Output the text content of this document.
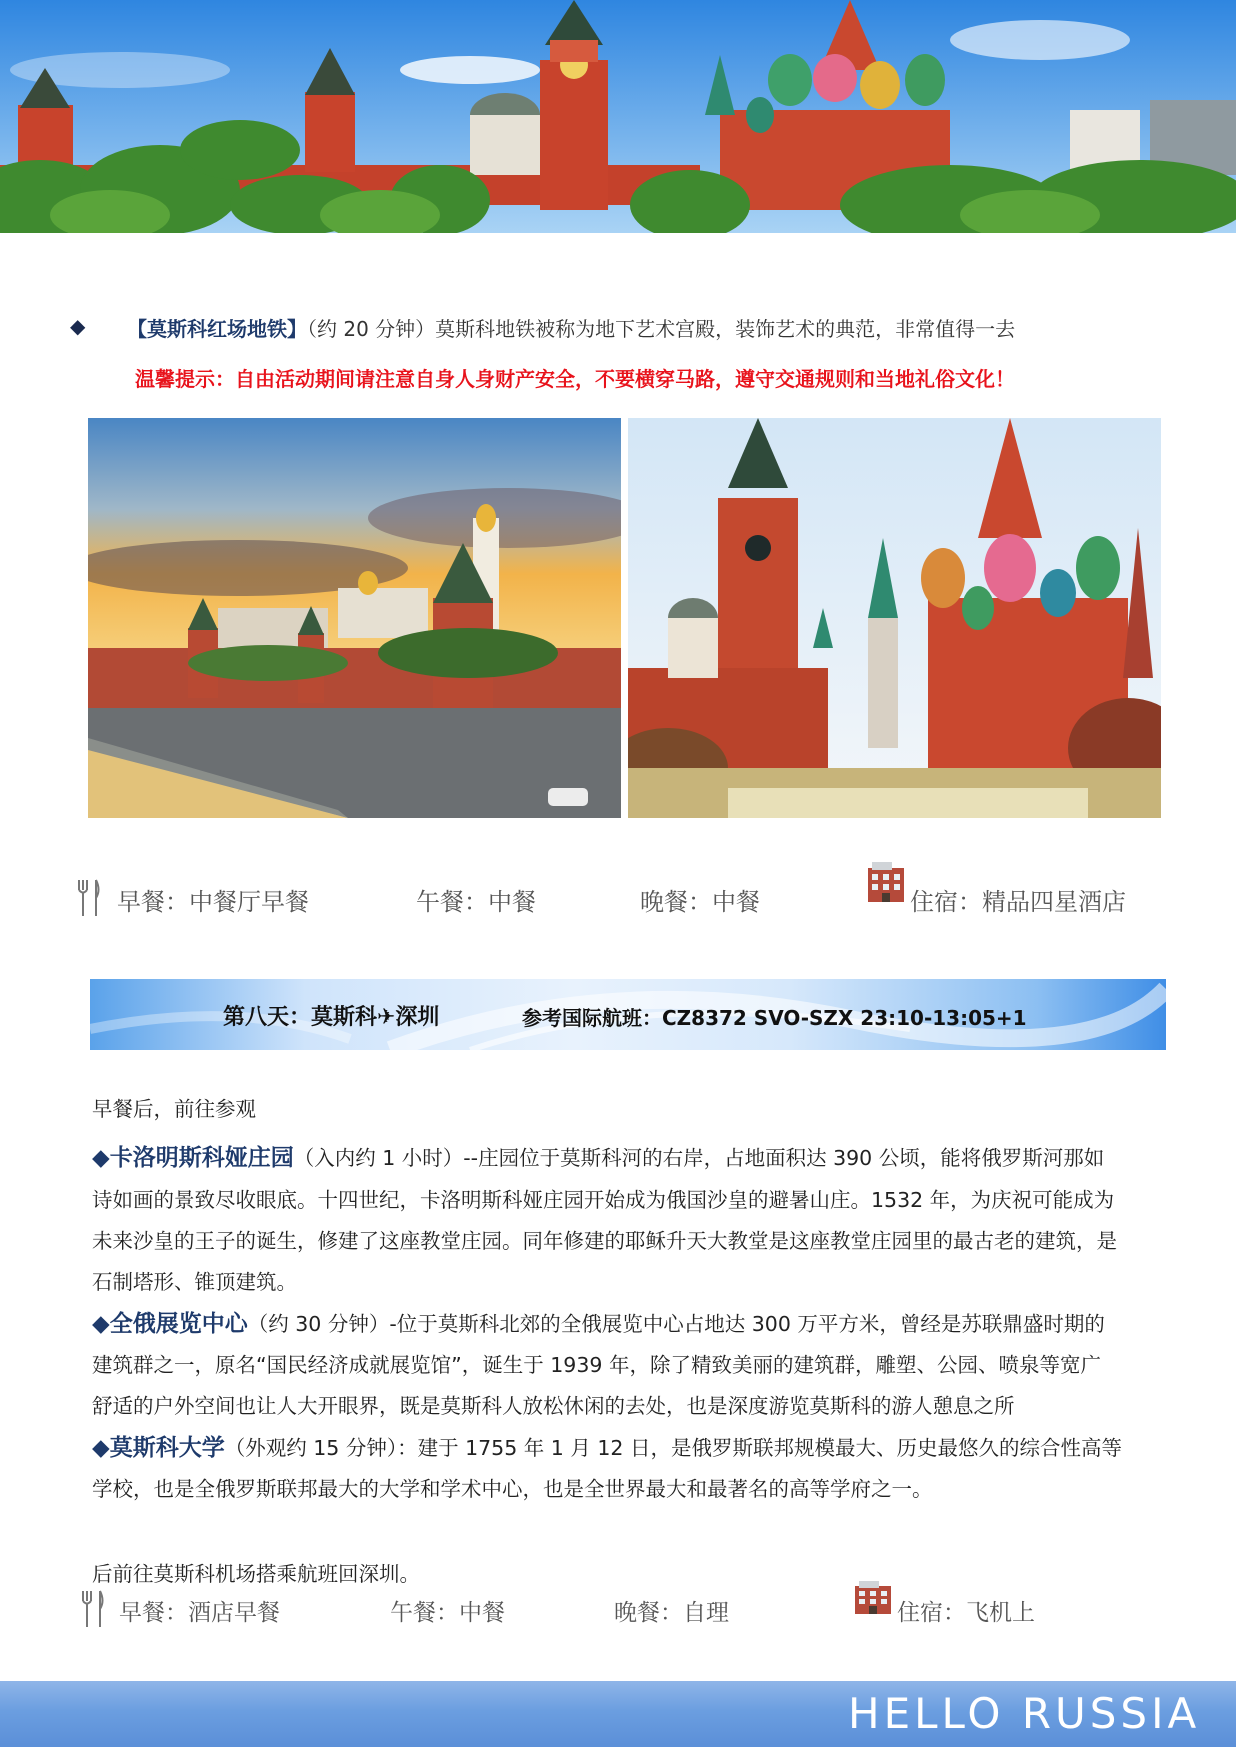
◆ 【莫斯科红场地铁】（约 20 分钟）莫斯科地铁被称为地下艺术宫殿，装饰艺术的典范，非常值得一去
温馨提示：自由活动期间请注意自身人身财产安全，不要横穿马路，遵守交通规则和当地礼俗文化！
早餐：中餐厅早餐	午餐：中餐	晚餐：中餐	住宿：精品四星酒店
第八天：莫斯科✈深圳	参考国际航班：CZ8372 SVO-SZX 23:10-13:05+1
早餐后，前往参观
◆卡洛明斯科娅庄园（入内约 1 小时）--庄园位于莫斯科河的右岸，占地面积达 390 公顷，能将俄罗斯河那如
诗如画的景致尽收眼底。十四世纪，卡洛明斯科娅庄园开始成为俄国沙皇的避暑山庄。1532 年，为庆祝可能成为
未来沙皇的王子的诞生，修建了这座教堂庄园。同年修建的耶稣升天大教堂是这座教堂庄园里的最古老的建筑，是
石制塔形、锥顶建筑。
◆全俄展览中心（约 30 分钟）-位于莫斯科北郊的全俄展览中心占地达 300 万平方米，曾经是苏联鼎盛时期的
建筑群之一，原名“国民经济成就展览馆”，诞生于 1939 年，除了精致美丽的建筑群，雕塑、公园、喷泉等宽广
舒适的户外空间也让人大开眼界，既是莫斯科人放松休闲的去处，也是深度游览莫斯科的游人憩息之所
◆莫斯科大学（外观约 15 分钟）：建于 1755 年 1 月 12 日，是俄罗斯联邦规模最大、历史最悠久的综合性高等
学校，也是全俄罗斯联邦最大的大学和学术中心，也是全世界最大和最著名的高等学府之一。
后前往莫斯科机场搭乘航班回深圳。
早餐：酒店早餐	午餐：中餐	晚餐：自理	住宿：飞机上
HELLO RUSSIA
